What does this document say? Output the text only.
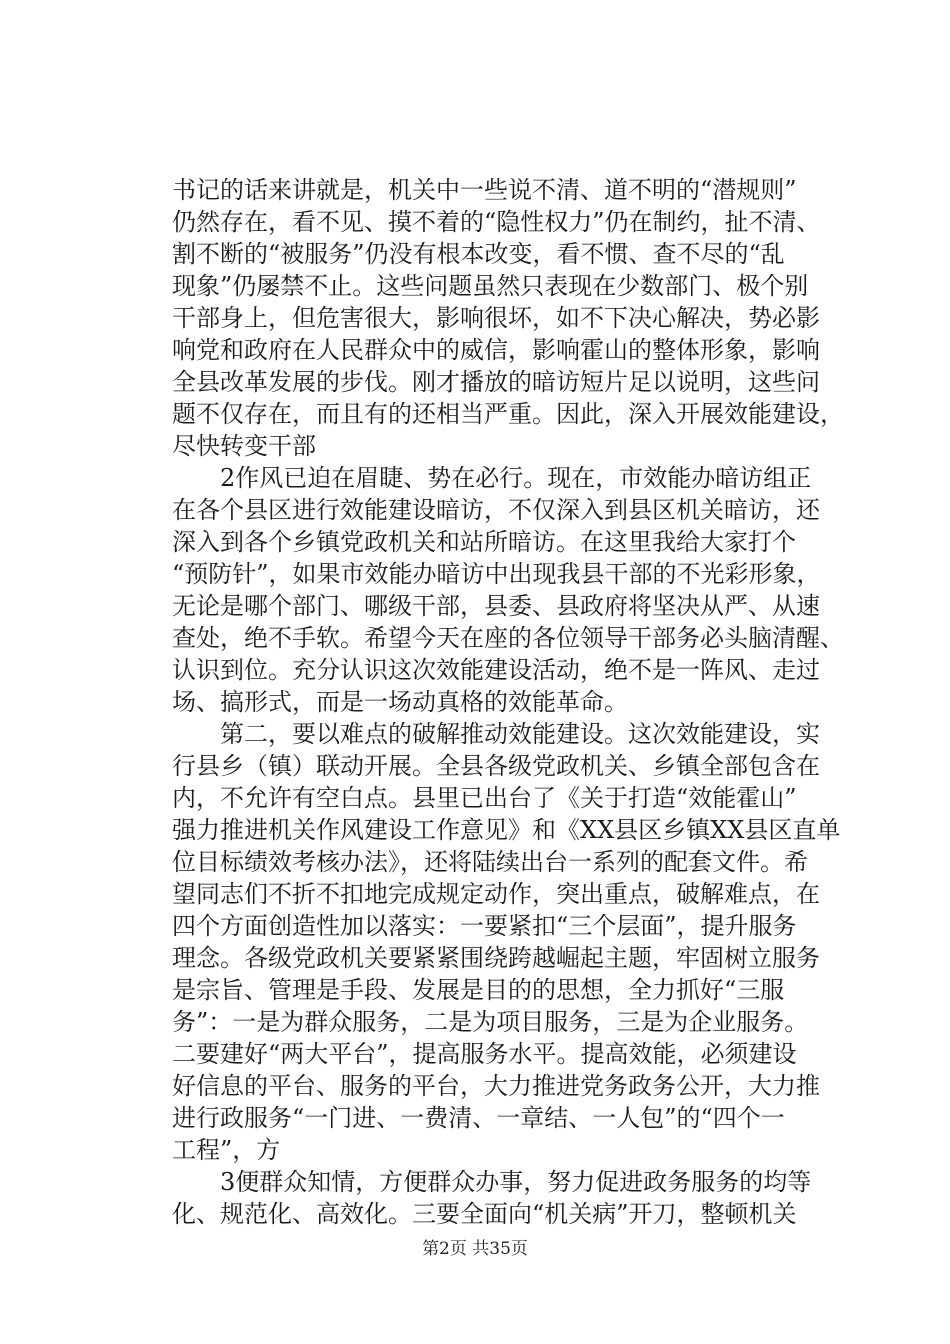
书记的话来讲就是，机关中一些说不清、道不明的“潜规则”
仍然存在，看不见、摸不着的“隐性权力”仍在制约，扯不清、
割不断的“被服务”仍没有根本改变，看不惯、查不尽的“乱
现象”仍屡禁不止。这些问题虽然只表现在少数部门、极个别
干部身上，但危害很大，影响很坏，如不下决心解决，势必影
响党和政府在人民群众中的威信，影响霍山的整体形象，影响
全县改革发展的步伐。刚才播放的暗访短片足以说明，这些问
题不仅存在，而且有的还相当严重。因此，深入开展效能建设，
尽快转变干部
　　2作风已迫在眉睫、势在必行。现在，市效能办暗访组正
在各个县区进行效能建设暗访，不仅深入到县区机关暗访，还
深入到各个乡镇党政机关和站所暗访。在这里我给大家打个
“预防针”，如果市效能办暗访中出现我县干部的不光彩形象，
无论是哪个部门、哪级干部，县委、县政府将坚决从严、从速
查处，绝不手软。希望今天在座的各位领导干部务必头脑清醒、
认识到位。充分认识这次效能建设活动，绝不是一阵风、走过
场、搞形式，而是一场动真格的效能革命。
　　第二，要以难点的破解推动效能建设。这次效能建设，实
行县乡（镇）联动开展。全县各级党政机关、乡镇全部包含在
内，不允许有空白点。县里已出台了《关于打造“效能霍山”
强力推进机关作风建设工作意见》和《XX县区乡镇XX县区直单
位目标绩效考核办法》，还将陆续出台一系列的配套文件。希
望同志们不折不扣地完成规定动作，突出重点，破解难点，在
四个方面创造性加以落实：一要紧扣“三个层面”，提升服务
理念。各级党政机关要紧紧围绕跨越崛起主题，牢固树立服务
是宗旨、管理是手段、发展是目的的思想，全力抓好“三服
务”：一是为群众服务，二是为项目服务，三是为企业服务。
二要建好“两大平台”，提高服务水平。提高效能，必须建设
好信息的平台、服务的平台，大力推进党务政务公开，大力推
进行政服务“一门进、一费清、一章结、一人包”的“四个一
工程”，方
　　3便群众知情，方便群众办事，努力促进政务服务的均等
化、规范化、高效化。三要全面向“机关病”开刀，整顿机关
第2页 共35页
